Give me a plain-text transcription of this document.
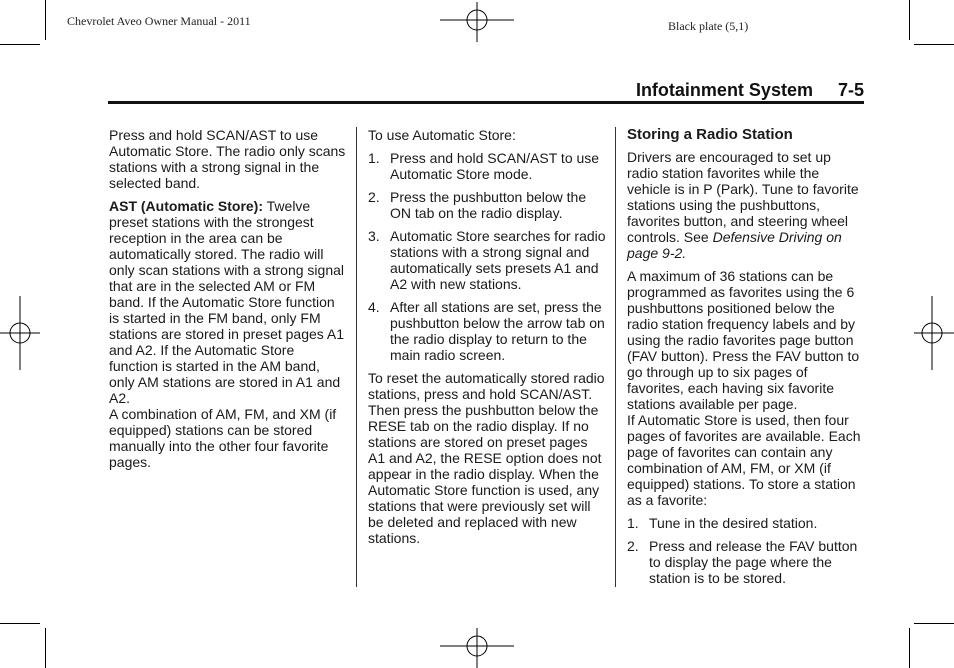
Chevrolet Aveo Owner Manual - 2011	Black plate (5,1)
Infotainment System 7-5

Press and hold SCAN/AST to use Automatic Store. The radio only scans stations with a strong signal in the selected band.

AST (Automatic Store): Twelve preset stations with the strongest reception in the area can be automatically stored. The radio will only scan stations with a strong signal that are in the selected AM or FM band. If the Automatic Store function is started in the FM band, only FM stations are stored in preset pages A1 and A2. If the Automatic Store function is started in the AM band, only AM stations are stored in A1 and A2.

A combination of AM, FM, and XM (if equipped) stations can be stored manually into the other four favorite pages.

To use Automatic Store:

1. Press and hold SCAN/AST to use Automatic Store mode.
2. Press the pushbutton below the ON tab on the radio display.
3. Automatic Store searches for radio stations with a strong signal and automatically sets presets A1 and A2 with new stations.
4. After all stations are set, press the pushbutton below the arrow tab on the radio display to return to the main radio screen.

To reset the automatically stored radio stations, press and hold SCAN/AST. Then press the pushbutton below the RESE tab on the radio display. If no stations are stored on preset pages A1 and A2, the RESE option does not appear in the radio display. When the Automatic Store function is used, any stations that were previously set will be deleted and replaced with new stations.

Storing a Radio Station

Drivers are encouraged to set up radio station favorites while the vehicle is in P (Park). Tune to favorite stations using the pushbuttons, favorites button, and steering wheel controls. See Defensive Driving on page 9-2.

A maximum of 36 stations can be programmed as favorites using the 6 pushbuttons positioned below the radio station frequency labels and by using the radio favorites page button (FAV button). Press the FAV button to go through up to six pages of favorites, each having six favorite stations available per page.

If Automatic Store is used, then four pages of favorites are available. Each page of favorites can contain any combination of AM, FM, or XM (if equipped) stations. To store a station as a favorite:

1. Tune in the desired station.
2. Press and release the FAV button to display the page where the station is to be stored.
